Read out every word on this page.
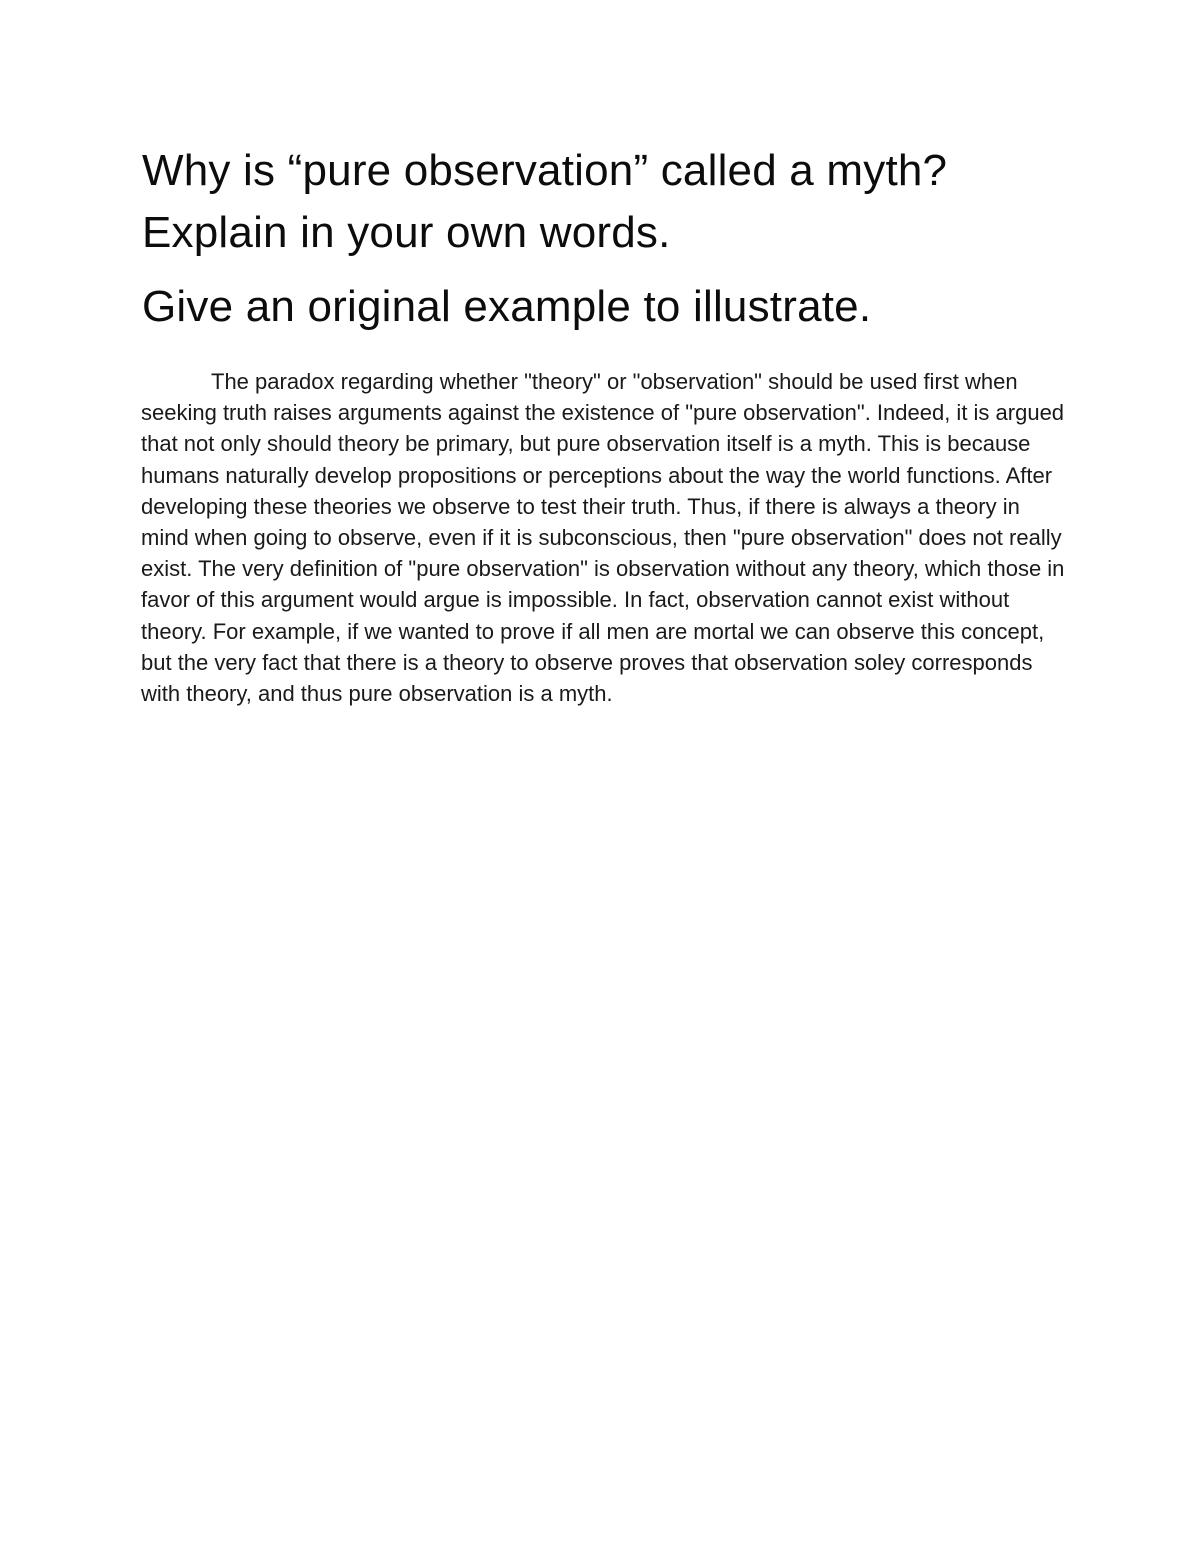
Why is “pure observation” called a myth?
Explain in your own words.
Give an original example to illustrate.

The paradox regarding whether "theory" or "observation" should be used first when seeking truth raises arguments against the existence of "pure observation". Indeed, it is argued that not only should theory be primary, but pure observation itself is a myth. This is because humans naturally develop propositions or perceptions about the way the world functions. After developing these theories we observe to test their truth. Thus, if there is always a theory in mind when going to observe, even if it is subconscious, then "pure observation" does not really exist. The very definition of "pure observation" is observation without any theory, which those in favor of this argument would argue is impossible. In fact, observation cannot exist without theory. For example, if we wanted to prove if all men are mortal we can observe this concept, but the very fact that there is a theory to observe proves that observation soley corresponds with theory, and thus pure observation is a myth.
